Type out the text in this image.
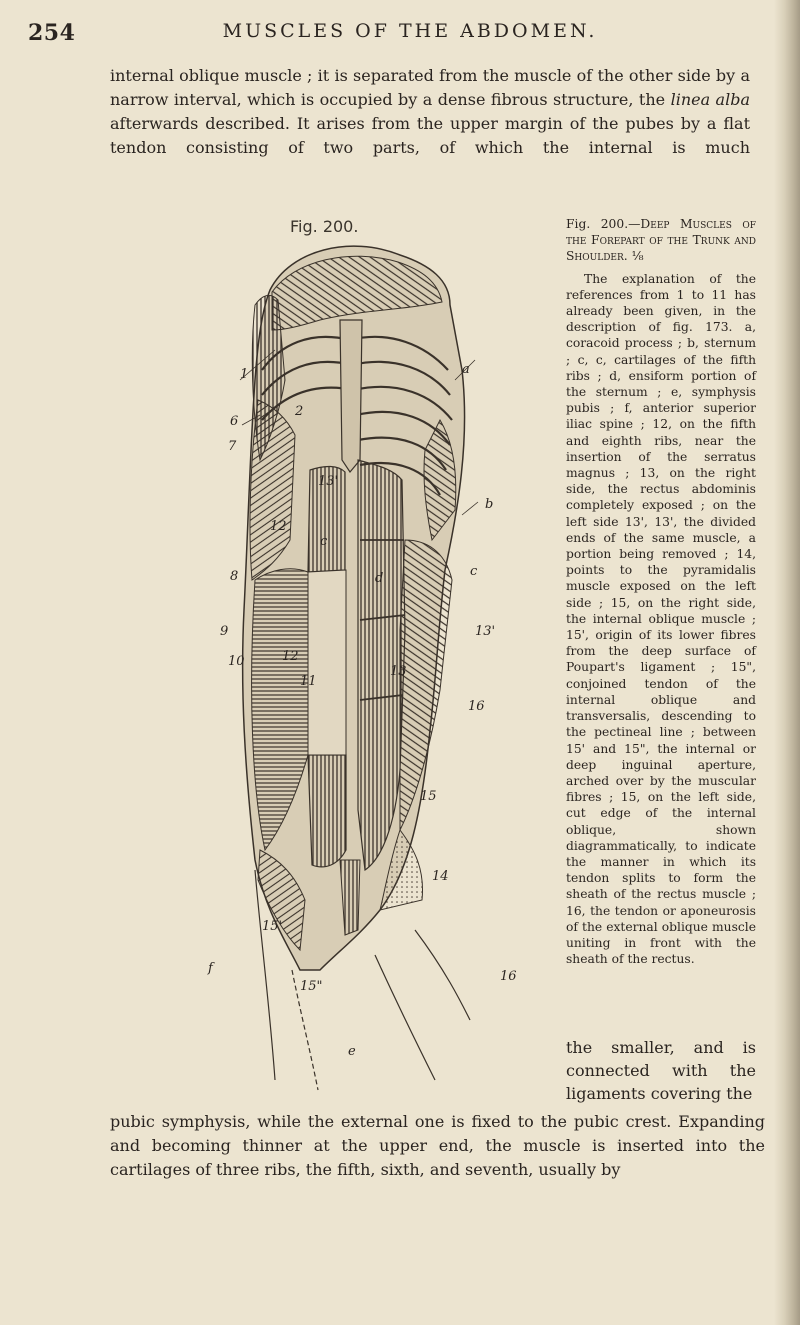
254	MUSCLES OF THE ABDOMEN.

internal oblique muscle ; it is separated from the muscle of the other side by a narrow interval, which is occupied by a dense fibrous structure, the linea alba afterwards described. It arises from the upper margin of the pubes by a flat tendon consisting of two parts, of which the internal is much

Fig. 200.
1
2
6
7
8
9
10
11
12
12
13
13'
13'
14
15
15'
15"
16
16
a
b
c
c
d
e
f

Fig. 200.—Deep Muscles of the Forepart of the Trunk and Shoulder. ⅛

The explanation of the references from 1 to 11 has already been given, in the description of fig. 173. a, coracoid process ; b, sternum ; c, c, cartilages of the fifth ribs ; d, ensiform portion of the sternum ; e, symphysis pubis ; f, anterior superior iliac spine ; 12, on the fifth and eighth ribs, near the insertion of the serratus magnus ; 13, on the right side, the rectus abdominis completely exposed ; on the left side 13', 13', the divided ends of the same muscle, a portion being removed ; 14, points to the pyramidalis muscle exposed on the left side ; 15, on the right side, the internal oblique muscle ; 15', origin of its lower fibres from the deep surface of Poupart's ligament ; 15", conjoined tendon of the internal oblique and transversalis, descending to the pectineal line ; between 15' and 15", the internal or deep inguinal aperture, arched over by the muscular fibres ; 15, on the left side, cut edge of the internal oblique, shown diagrammatically, to indicate the manner in which its tendon splits to form the sheath of the rectus muscle ; 16, the tendon or aponeurosis of the external oblique muscle uniting in front with the sheath of the rectus.

the smaller, and is connected with the ligaments covering the

pubic symphysis, while the external one is fixed to the pubic crest. Expanding and becoming thinner at the upper end, the muscle is inserted into the cartilages of three ribs, the fifth, sixth, and seventh, usually by
